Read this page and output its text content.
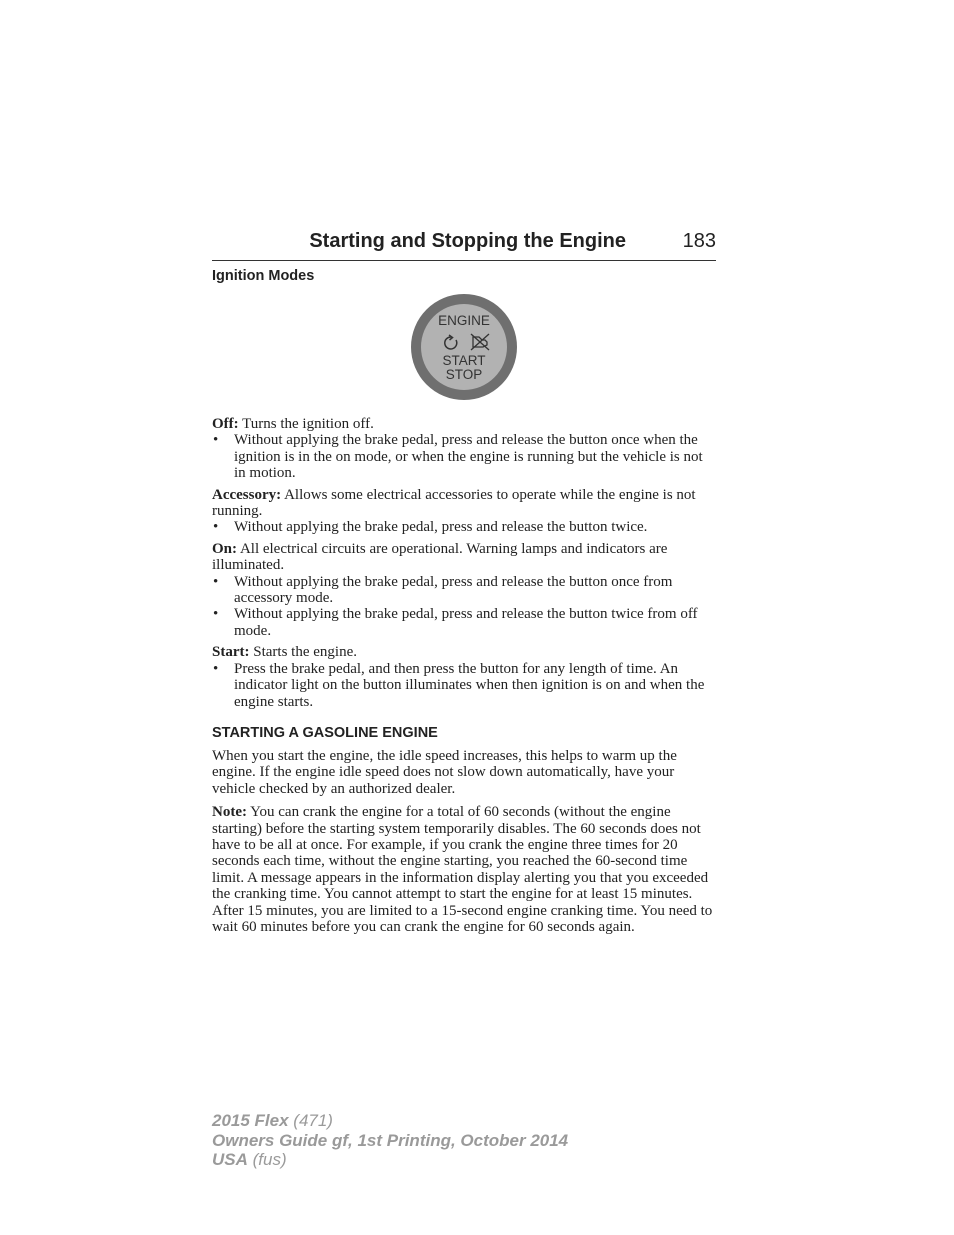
Starting and Stopping the Engine	183
Ignition Modes
ENGINE
START
STOP

Off: Turns the ignition off.

• Without applying the brake pedal, press and release the button once when the ignition is in the on mode, or when the engine is running but the vehicle is not in motion.

Accessory: Allows some electrical accessories to operate while the engine is not running.

• Without applying the brake pedal, press and release the button twice.

On: All electrical circuits are operational. Warning lamps and indicators are illuminated.

• Without applying the brake pedal, press and release the button once from accessory mode.
• Without applying the brake pedal, press and release the button twice from off mode.

Start: Starts the engine.

• Press the brake pedal, and then press the button for any length of time. An indicator light on the button illuminates when then ignition is on and when the engine starts.
STARTING A GASOLINE ENGINE

When you start the engine, the idle speed increases, this helps to warm up the engine. If the engine idle speed does not slow down automatically, have your vehicle checked by an authorized dealer.

Note: You can crank the engine for a total of 60 seconds (without the engine starting) before the starting system temporarily disables. The 60 seconds does not have to be all at once. For example, if you crank the engine three times for 20 seconds each time, without the engine starting, you reached the 60-second time limit. A message appears in the information display alerting you that you exceeded the cranking time. You cannot attempt to start the engine for at least 15 minutes. After 15 minutes, you are limited to a 15-second engine cranking time. You need to wait 60 minutes before you can crank the engine for 60 seconds again.

2015 Flex (471)
Owners Guide gf, 1st Printing, October 2014
USA (fus)
